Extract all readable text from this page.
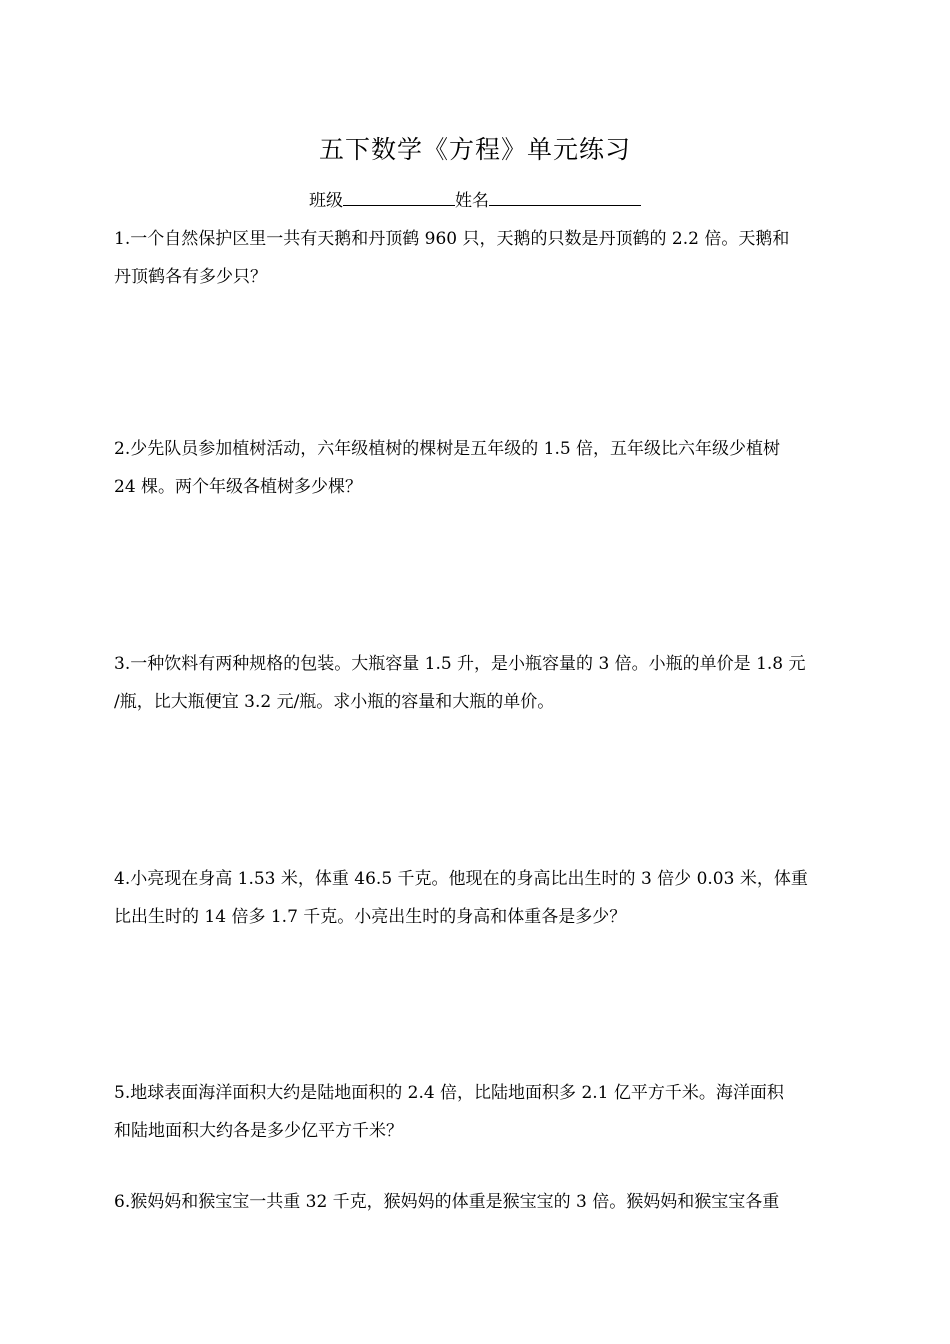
五下数学《方程》单元练习
班级	姓名
1.一个自然保护区里一共有天鹅和丹顶鹤 960 只，天鹅的只数是丹顶鹤的 2.2 倍。天鹅和
丹顶鹤各有多少只？
2.少先队员参加植树活动，六年级植树的棵树是五年级的 1.5 倍，五年级比六年级少植树
24 棵。两个年级各植树多少棵？
3.一种饮料有两种规格的包装。大瓶容量 1.5 升，是小瓶容量的 3 倍。小瓶的单价是 1.8 元
/瓶，比大瓶便宜 3.2 元/瓶。求小瓶的容量和大瓶的单价。
4.小亮现在身高 1.53 米，体重 46.5 千克。他现在的身高比出生时的 3 倍少 0.03 米，体重
比出生时的 14 倍多 1.7 千克。小亮出生时的身高和体重各是多少？
5.地球表面海洋面积大约是陆地面积的 2.4 倍，比陆地面积多 2.1 亿平方千米。海洋面积
和陆地面积大约各是多少亿平方千米？
6.猴妈妈和猴宝宝一共重 32 千克，猴妈妈的体重是猴宝宝的 3 倍。猴妈妈和猴宝宝各重
